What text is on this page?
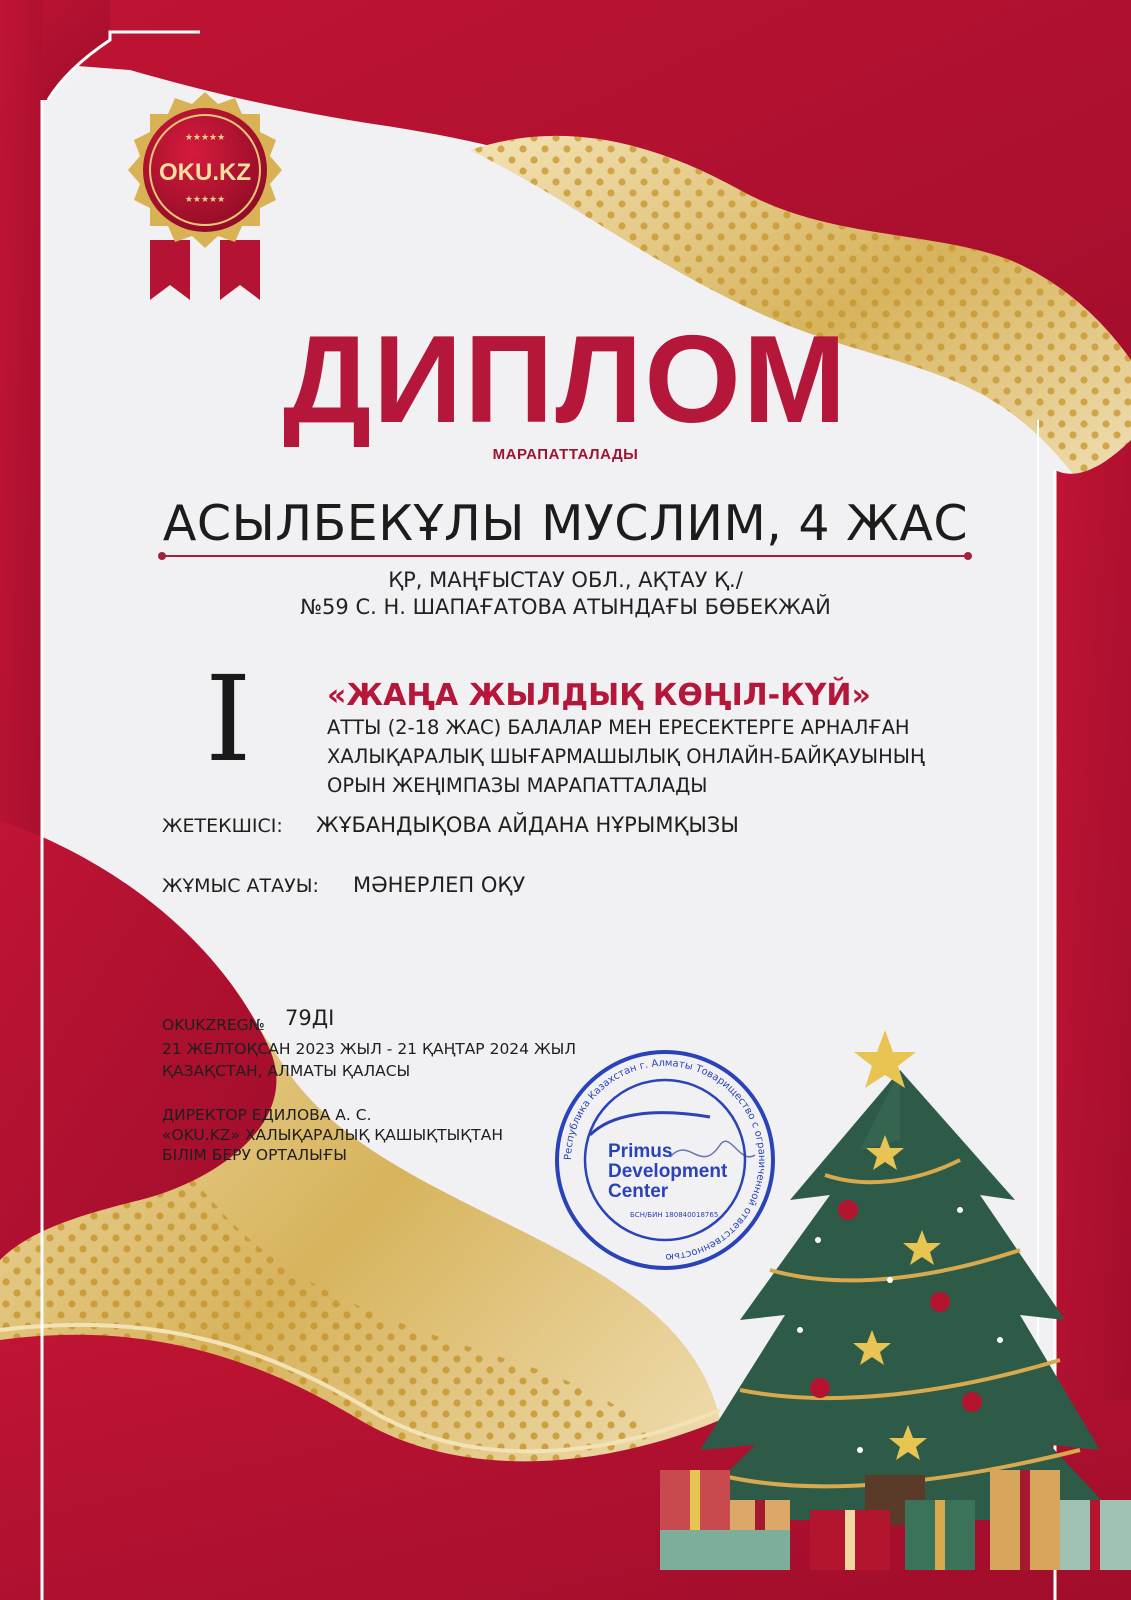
★★★★★
OKU.KZ
★★★★★
ДИПЛОМ
МАРАПАТТАЛАДЫ
АСЫЛБЕКҰЛЫ МУСЛИМ, 4 ЖАС
ҚР, МАҢҒЫСТАУ ОБЛ., АҚТАУ Қ./
№59 С. Н. ШАПАҒАТОВА АТЫНДАҒЫ БӨБЕКЖАЙ
I	«ЖАҢА ЖЫЛДЫҚ КӨҢІЛ-КҮЙ»
АТТЫ (2-18 ЖАС) БАЛАЛАР МЕН ЕРЕСЕКТЕРГЕ АРНАЛҒАН
ХАЛЫҚАРАЛЫҚ ШЫҒАРМАШЫЛЫҚ ОНЛАЙН-БАЙҚАУЫНЫҢ
ОРЫН ЖЕҢІМПАЗЫ МАРАПАТТАЛАДЫ
ЖЕТЕКШІСІ: ЖҰБАНДЫҚОВА АЙДАНА НҰРЫМҚЫЗЫ
ЖҰМЫС АТАУЫ: МӘНЕРЛЕП ОҚУ
OKUKZREG№ 79ДІ
21 ЖЕЛТОҚСАН 2023 ЖЫЛ - 21 ҚАҢТАР 2024 ЖЫЛ
ҚАЗАҚСТАН, АЛМАТЫ ҚАЛАСЫ
ДИРЕКТОР ЕДИЛОВА А. С.
«OKU.KZ» ХАЛЫҚАРАЛЫҚ ҚАШЫҚТЫҚТАН
БІЛІМ БЕРУ ОРТАЛЫҒЫ	Республика Казахстан г. Алматы Товарищество с ограниченной ответственностью
Primus
Development
Center
БСН/БИН 180840018765
